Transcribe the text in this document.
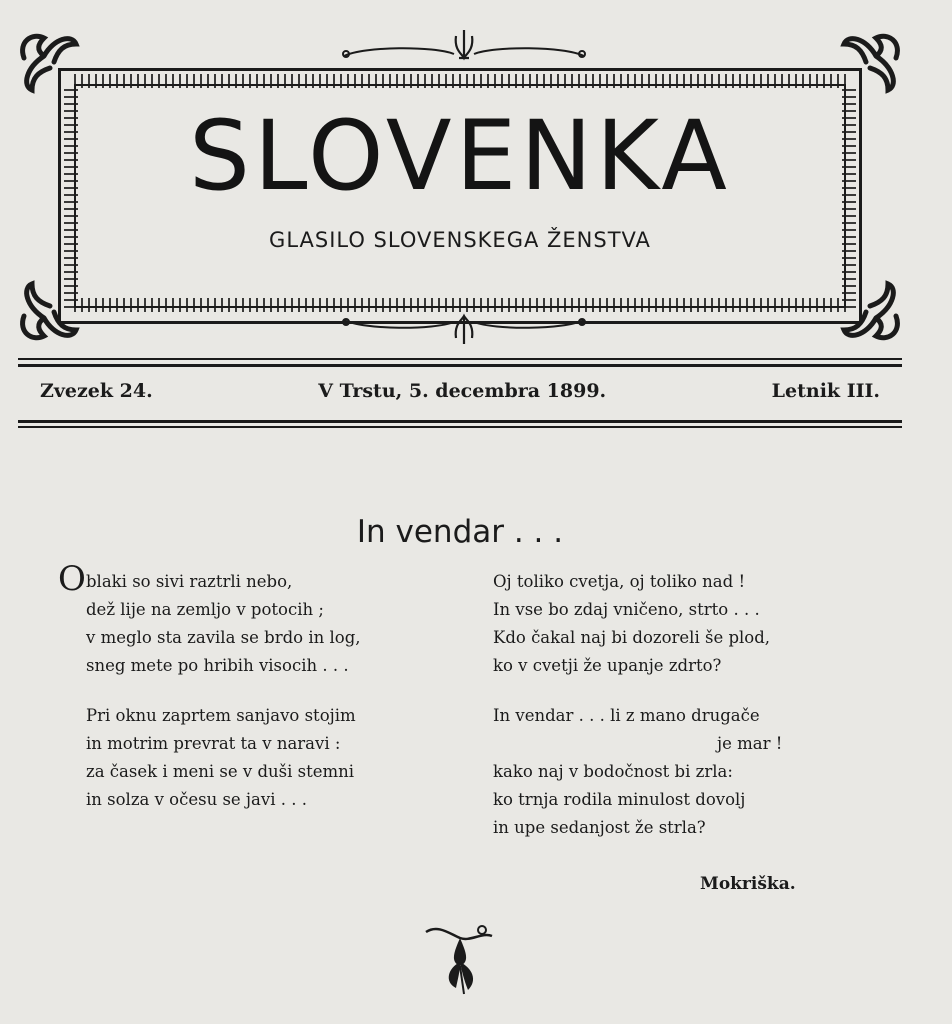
SLOVENKA
GLASILO SLOVENSKEGA ŽENSTVA
Zvezek 24.	V Trstu, 5. decembra 1899.	Letnik III.
In vendar . . .
O blaki so sivi raztrli nebo,
dež lije na zemljo v potocih ;
v meglo sta zavila se brdo in log,
sneg mete po hribih visocih . . .
Pri oknu zaprtem sanjavo stojim
in motrim prevrat ta v naravi :
za časek i meni se v duši stemni
in solza v očesu se javi . . .
Oj toliko cvetja, oj toliko nad !
In vse bo zdaj vničeno, strto . . .
Kdo čakal naj bi dozoreli še plod,
ko v cvetji že upanje zdrto?
In vendar . . . li z mano drugače
je mar !
kako naj v bodočnost bi zrla:
ko trnja rodila minulost dovolj
in upe sedanjost že strla?
Mokriška.
